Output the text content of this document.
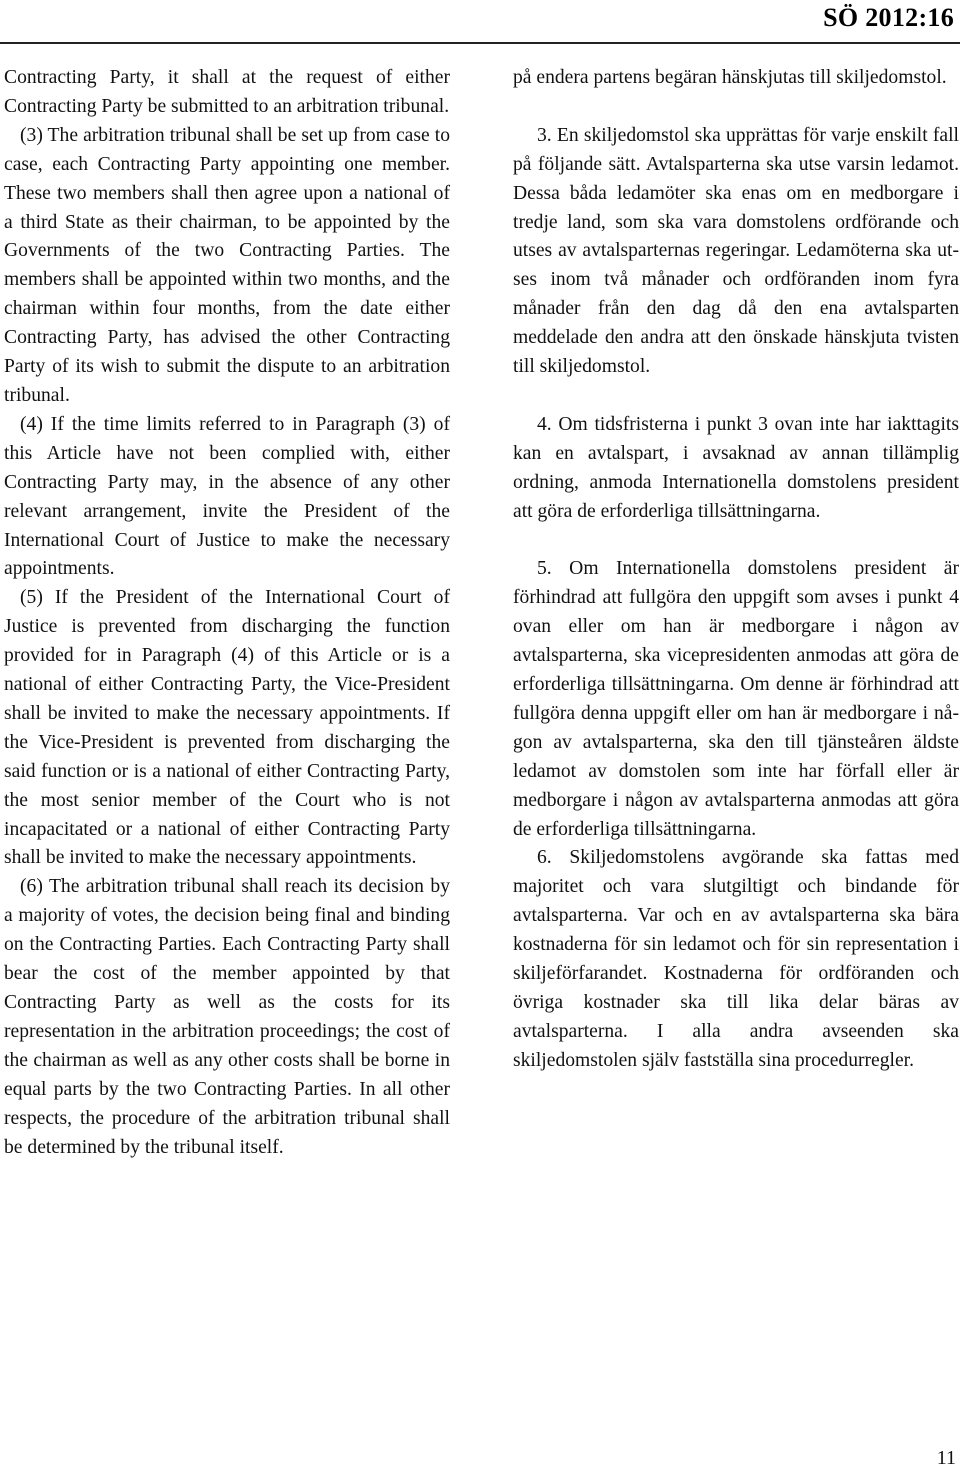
SÖ 2012:16

Contracting Party, it shall at the request of either Contracting Party be submitted to an arbitration tribunal.

(3) The arbitration tribunal shall be set up from case to case, each Contracting Party appointing one member. These two members shall then agree upon a national of a third State as their chairman, to be appointed by the Governments of the two Contracting Parties. The members shall be appointed within two months, and the chairman within four months, from the date either Contracting Party, has advised the other Contracting Party of its wish to submit the dispute to an arbitration tribunal.

(4) If the time limits referred to in Paragraph (3) of this Article have not been complied with, either Contracting Party may, in the absence of any other relevant arrangement, invite the President of the International Court of Justice to make the necessary appointments.

(5) If the President of the International Court of Justice is prevented from discharging the function provided for in Paragraph (4) of this Article or is a national of either Contracting Party, the Vice-President shall be invited to make the necessary appointments. If the Vice-President is prevented from discharging the said function or is a national of either Contracting Party, the most senior member of the Court who is not incapacitated or a national of either Contracting Party shall be invited to make the necessary appointments.

(6) The arbitration tribunal shall reach its decision by a majority of votes, the decision being final and binding on the Contracting Parties. Each Contracting Party shall bear the cost of the member appointed by that Contracting Party as well as the costs for its representation in the arbitration proceedings; the cost of the chairman as well as any other costs shall be borne in equal parts by the two Contracting Parties. In all other respects, the procedure of the arbitration tribunal shall be determined by the tribunal itself.

på endera partens begäran hänskjutas till skiljedomstol.

3. En skiljedomstol ska upprättas för varje enskilt fall på följande sätt. Avtalsparterna ska utse varsin ledamot. Dessa båda ledamöter ska enas om en medborgare i tredje land, som ska vara domstolens ordförande och utses av avtalsparternas regeringar. Ledamöterna ska utses inom två månader och ordföranden inom fyra månader från den dag då den ena avtalsparten meddelade den andra att den önskade hänskjuta tvisten till skiljedomstol.

4. Om tidsfristerna i punkt 3 ovan inte har iakttagits kan en avtalspart, i avsaknad av annan tillämplig ordning, anmoda Internationella domstolens president att göra de erforderliga tillsättningarna.

5. Om Internationella domstolens president är förhindrad att fullgöra den uppgift som avses i punkt 4 ovan eller om han är medborgare i någon av avtalsparterna, ska vicepresidenten anmodas att göra de erforderliga tillsättningarna. Om denne är förhindrad att fullgöra denna uppgift eller om han är medborgare i någon av avtalsparterna, ska den till tjänsteåren äldste ledamot av domstolen som inte har förfall eller är medborgare i någon av avtalsparterna anmodas att göra de erforderliga tillsättningarna.

6. Skiljedomstolens avgörande ska fattas med majoritet och vara slutgiltigt och bindande för avtalsparterna. Var och en av avtalsparterna ska bära kostnaderna för sin ledamot och för sin representation i skiljeförfarandet. Kostnaderna för ordföranden och övriga kostnader ska till lika delar bäras av avtalsparterna. I alla andra avseenden ska skiljedomstolen själv fastställa sina procedurregler.

11
